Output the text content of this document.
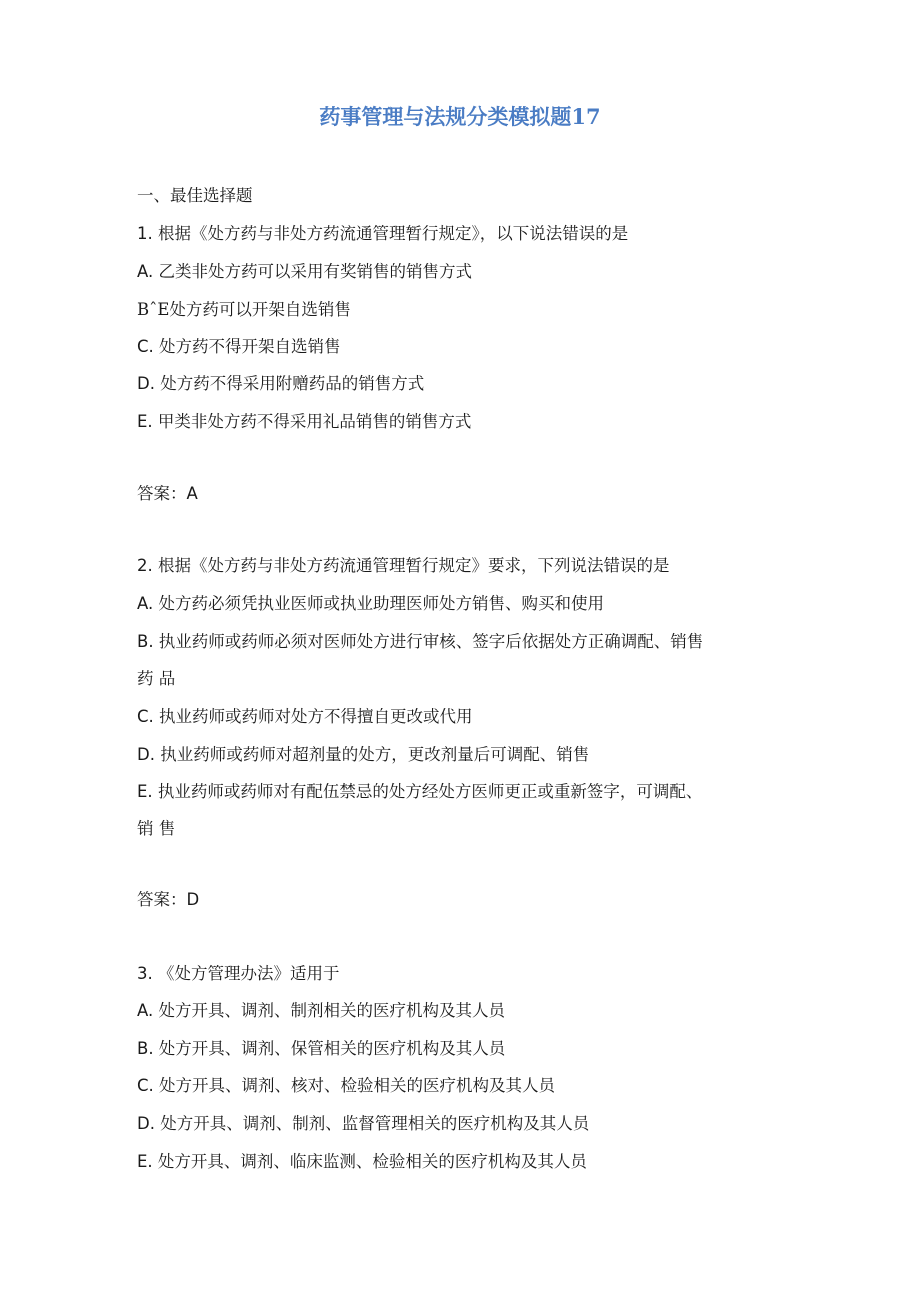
药事管理与法规分类模拟题17
一、最佳选择题
1. 根据《处方药与非处方药流通管理暂行规定》，以下说法错误的是
A. 乙类非处方药可以采用有奖销售的销售方式
BˆE处方药可以开架自选销售
C. 处方药不得开架自选销售
D. 处方药不得采用附赠药品的销售方式
E. 甲类非处方药不得采用礼品销售的销售方式
答案：A
2. 根据《处方药与非处方药流通管理暂行规定》要求，下列说法错误的是
A. 处方药必须凭执业医师或执业助理医师处方销售、购买和使用
B. 执业药师或药师必须对医师处方进行审核、签字后依据处方正确调配、销售
药 品
C. 执业药师或药师对处方不得擅自更改或代用
D. 执业药师或药师对超剂量的处方，更改剂量后可调配、销售
E. 执业药师或药师对有配伍禁忌的处方经处方医师更正或重新签字，可调配、
销 售
答案：D
3. 《处方管理办法》适用于
A. 处方开具、调剂、制剂相关的医疗机构及其人员
B. 处方开具、调剂、保管相关的医疗机构及其人员
C. 处方开具、调剂、核对、检验相关的医疗机构及其人员
D. 处方开具、调剂、制剂、监督管理相关的医疗机构及其人员
E. 处方开具、调剂、临床监测、检验相关的医疗机构及其人员
